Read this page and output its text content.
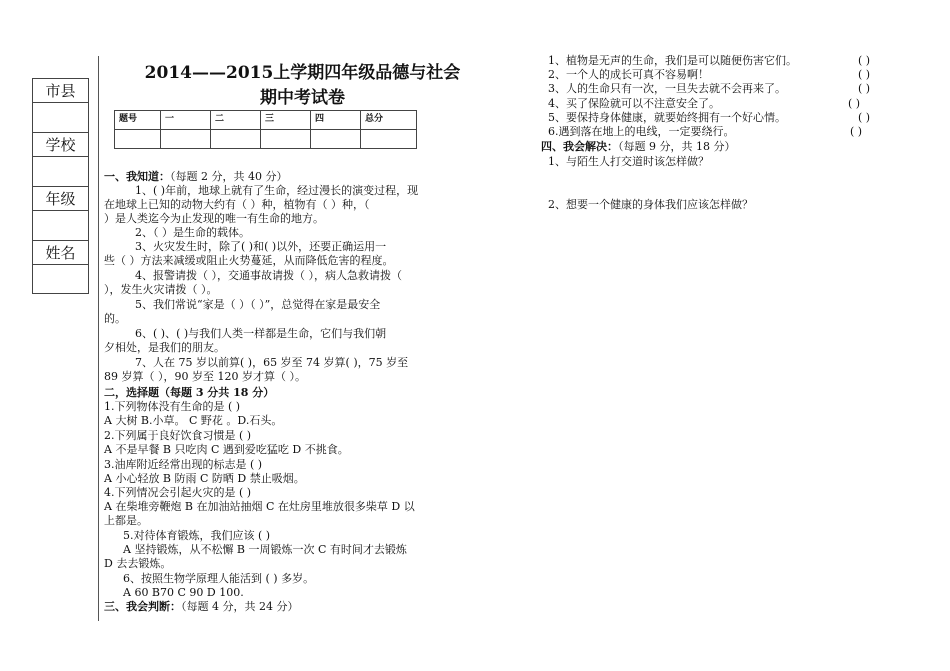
市县
学校
年级
姓名
2014——2015上学期四年级品德与社会
期中考试卷
题号	一	二	三	四	总分

一、我知道：（每题 2 分，共 40 分）
1、( )年前，地球上就有了生命，经过漫长的演变过程，现
在地球上已知的动物大约有（ ）种，植物有（ ）种，（
）是人类迄今为止发现的唯一有生命的地方。
2、（ ）是生命的载体。
3、火灾发生时，除了( )和( )以外，还要正确运用一
些（ ）方法来减缓或阻止火势蔓延，从而降低危害的程度。
4、报警请拨（ ），交通事故请拨（ ），病人急救请拨（
），发生火灾请拨（ ）。
5、我们常说“家是（ ）（ ）”，总觉得在家是最安全
的。
6、( )、( )与我们人类一样都是生命，它们与我们朝
夕相处，是我们的朋友。
7、人在 75 岁以前算( )，65 岁至 74 岁算( )，75 岁至
89 岁算（ ），90 岁至 120 岁才算（ ）。
二，选择题（每题 3 分共 18 分）
1.下列物体没有生命的是 ( )
A 大树 B.小草。 C 野花 。D.石头。
2.下列属于良好饮食习惯是 ( )
A 不是早餐 B 只吃肉 C 遇到爱吃猛吃 D 不挑食。
3.油库附近经常出现的标志是 ( )
A 小心轻放 B 防雨 C 防晒 D 禁止吸烟。
4.下列情况会引起火灾的是 ( )
A 在柴堆旁鞭炮 B 在加油站抽烟 C 在灶房里堆放很多柴草 D 以
上都是。
5.对待体育锻炼，我们应该 ( )
A 坚持锻炼，从不松懈 B 一周锻炼一次 C 有时间才去锻炼
D 去去锻炼。
6、按照生物学原理人能活到 ( ) 多岁。
A 60 B70 C 90 D 100.
三、我会判断：（每题 4 分，共 24 分）
1、植物是无声的生命，我们是可以随便伤害它们。	( )
2、一个人的成长可真不容易啊！	( )
3、人的生命只有一次，一旦失去就不会再来了。	( )
4、买了保险就可以不注意安全了。	( )
5、要保持身体健康，就要始终拥有一个好心情。	( )
6.遇到落在地上的电线，一定要绕行。	( )
四、我会解决：（每题 9 分，共 18 分）
1、与陌生人打交道时该怎样做？
2、想要一个健康的身体我们应该怎样做？
